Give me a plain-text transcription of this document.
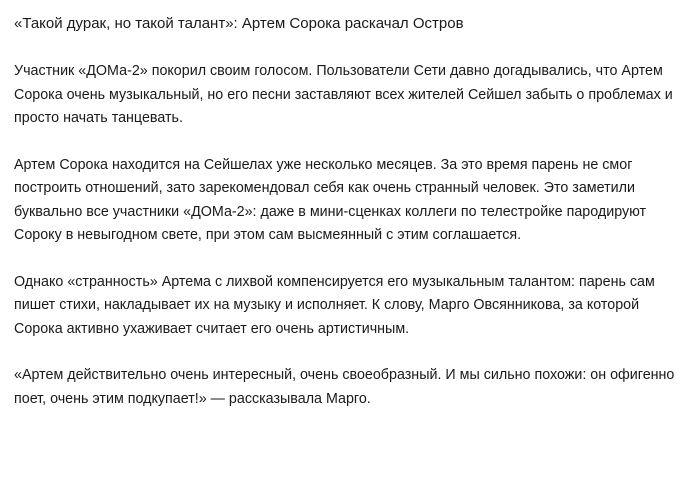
«Такой дурак, но такой талант»: Артем Сорока раскачал Остров

Участник «ДОМа-2» покорил своим голосом. Пользователи Сети давно догадывались, что Артем Сорока очень музыкальный, но его песни заставляют всех жителей Сейшел забыть о проблемах и просто начать танцевать.

Артем Сорока находится на Сейшелах уже несколько месяцев. За это время парень не смог построить отношений, зато зарекомендовал себя как очень странный человек. Это заметили буквально все участники «ДОМа-2»: даже в мини-сценках коллеги по телестройке пародируют Сороку в невыгодном свете, при этом сам высмеянный с этим соглашается.

Однако «странность» Артема с лихвой компенсируется его музыкальным талантом: парень сам пишет стихи, накладывает их на музыку и исполняет. К слову, Марго Овсянникова, за которой Сорока активно ухаживает считает его очень артистичным.

«Артем действительно очень интересный, очень своеобразный. И мы сильно похожи: он офигенно поет, очень этим подкупает!» — рассказывала Марго.
